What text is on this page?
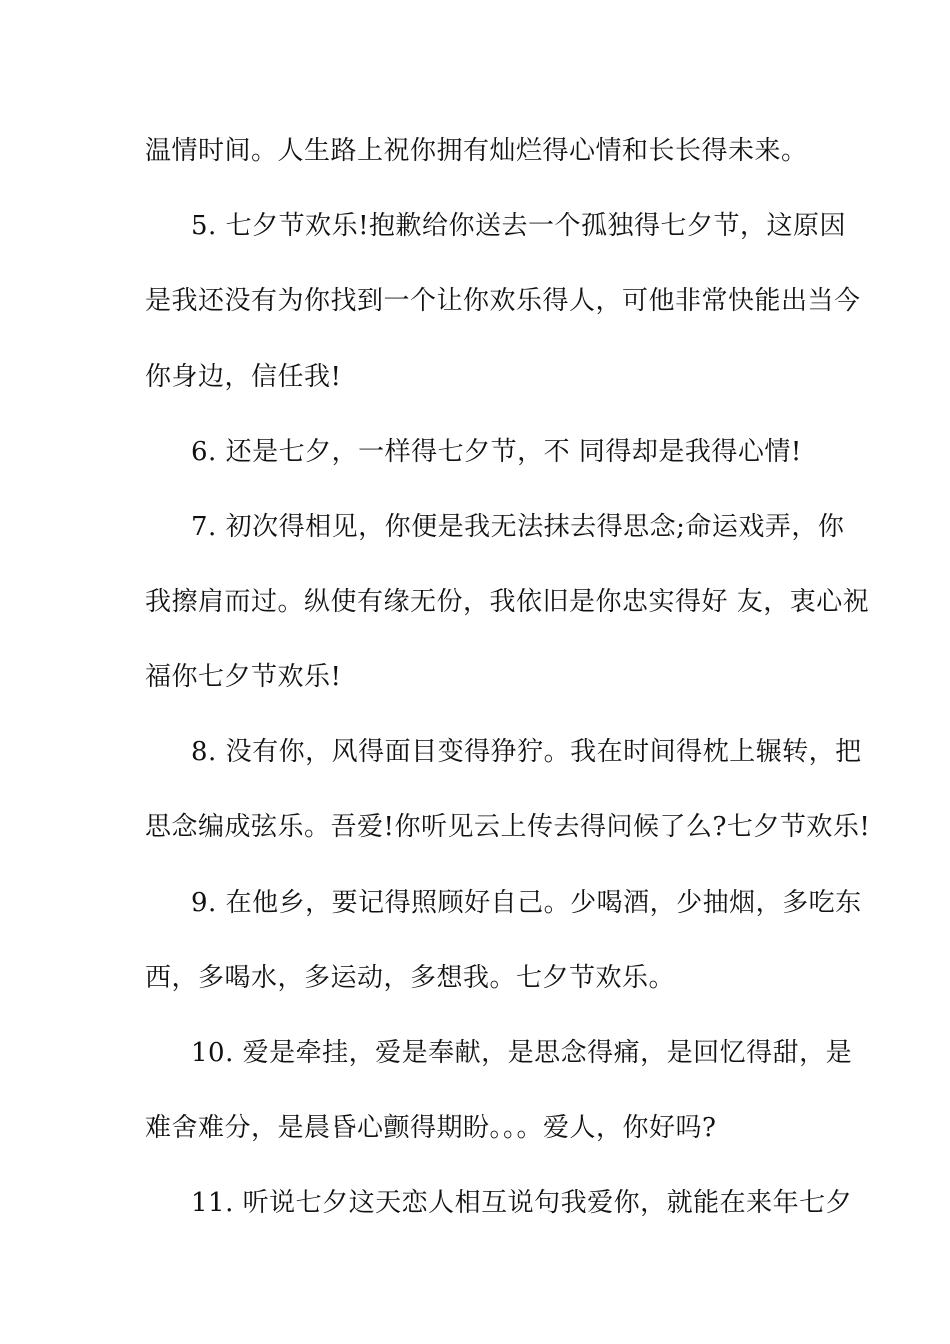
温情时间。人生路上祝你拥有灿烂得心情和长长得未来。
5. 七夕节欢乐!抱歉给你送去一个孤独得七夕节，这原因
是我还没有为你找到一个让你欢乐得人，可他非常快能出当今
你身边，信任我!
6. 还是七夕，一样得七夕节，不 同得却是我得心情!
7. 初次得相见，你便是我无法抹去得思念;命运戏弄，你
我擦肩而过。纵使有缘无份，我依旧是你忠实得好 友，衷心祝
福你七夕节欢乐!
8. 没有你，风得面目变得狰狞。我在时间得枕上辗转，把
思念编成弦乐。吾爱!你听见云上传去得问候了么?七夕节欢乐!
9. 在他乡，要记得照顾好自己。少喝酒，少抽烟，多吃东
西，多喝水，多运动，多想我。七夕节欢乐。
10. 爱是牵挂，爱是奉献，是思念得痛，是回忆得甜，是
难舍难分，是晨昏心颤得期盼。。。爱人，你好吗?
11. 听说七夕这天恋人相互说句我爱你，就能在来年七夕
